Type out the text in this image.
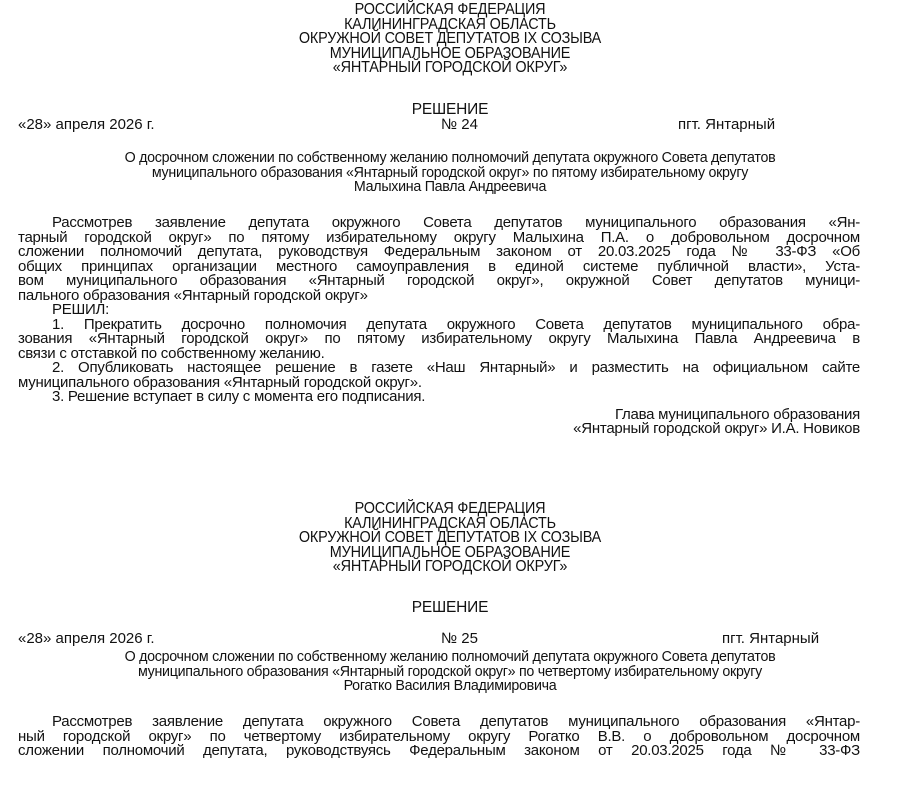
РОССИЙСКАЯ ФЕДЕРАЦИЯ
КАЛИНИНГРАДСКАЯ ОБЛАСТЬ
ОКРУЖНОЙ СОВЕТ ДЕПУТАТОВ IX СОЗЫВА
МУНИЦИПАЛЬНОЕ ОБРАЗОВАНИЕ
«ЯНТАРНЫЙ ГОРОДСКОЙ ОКРУГ»
РЕШЕНИЕ
«28» апреля 2026 г.	№ 24	пгт. Янтарный
О досрочном сложении по собственному желанию полномочий депутата окружного Совета депутатов
муниципального образования «Янтарный городской округ» по пятому избирательному округу
Малыхина Павла Андреевича
Рассмотрев заявление депутата окружного Совета депутатов муниципального образования «Ян-
тарный городской округ» по пятому избирательному округу Малыхина П.А. о добровольном досрочном
сложении полномочий депутата, руководствуя Федеральным законом от 20.03.2025 года № 33-ФЗ «Об
общих принципах организации местного самоуправления в единой системе публичной власти», Уста-
вом муниципального образования «Янтарный городской округ», окружной Совет депутатов муници-
пального образования «Янтарный городской округ»
РЕШИЛ:
1. Прекратить досрочно полномочия депутата окружного Совета депутатов муниципального обра-
зования «Янтарный городской округ» по пятому избирательному округу Малыхина Павла Андреевича в
связи с отставкой по собственному желанию.
2. Опубликовать настоящее решение в газете «Наш Янтарный» и разместить на официальном сайте
муниципального образования «Янтарный городской округ».
3. Решение вступает в силу с момента его подписания.
Глава муниципального образования
«Янтарный городской округ» И.А. Новиков
РОССИЙСКАЯ ФЕДЕРАЦИЯ
КАЛИНИНГРАДСКАЯ ОБЛАСТЬ
ОКРУЖНОЙ СОВЕТ ДЕПУТАТОВ IX СОЗЫВА
МУНИЦИПАЛЬНОЕ ОБРАЗОВАНИЕ
«ЯНТАРНЫЙ ГОРОДСКОЙ ОКРУГ»
РЕШЕНИЕ
«28» апреля 2026 г.	№ 25	пгт. Янтарный
О досрочном сложении по собственному желанию полномочий депутата окружного Совета депутатов
муниципального образования «Янтарный городской округ» по четвертому избирательному округу
Рогатко Василия Владимировича
Рассмотрев заявление депутата окружного Совета депутатов муниципального образования «Янтар-
ный городской округ» по четвертому избирательному округу Рогатко В.В. о добровольном досрочном
сложении полномочий депутата, руководствуясь Федеральным законом от 20.03.2025 года № 33-ФЗ
